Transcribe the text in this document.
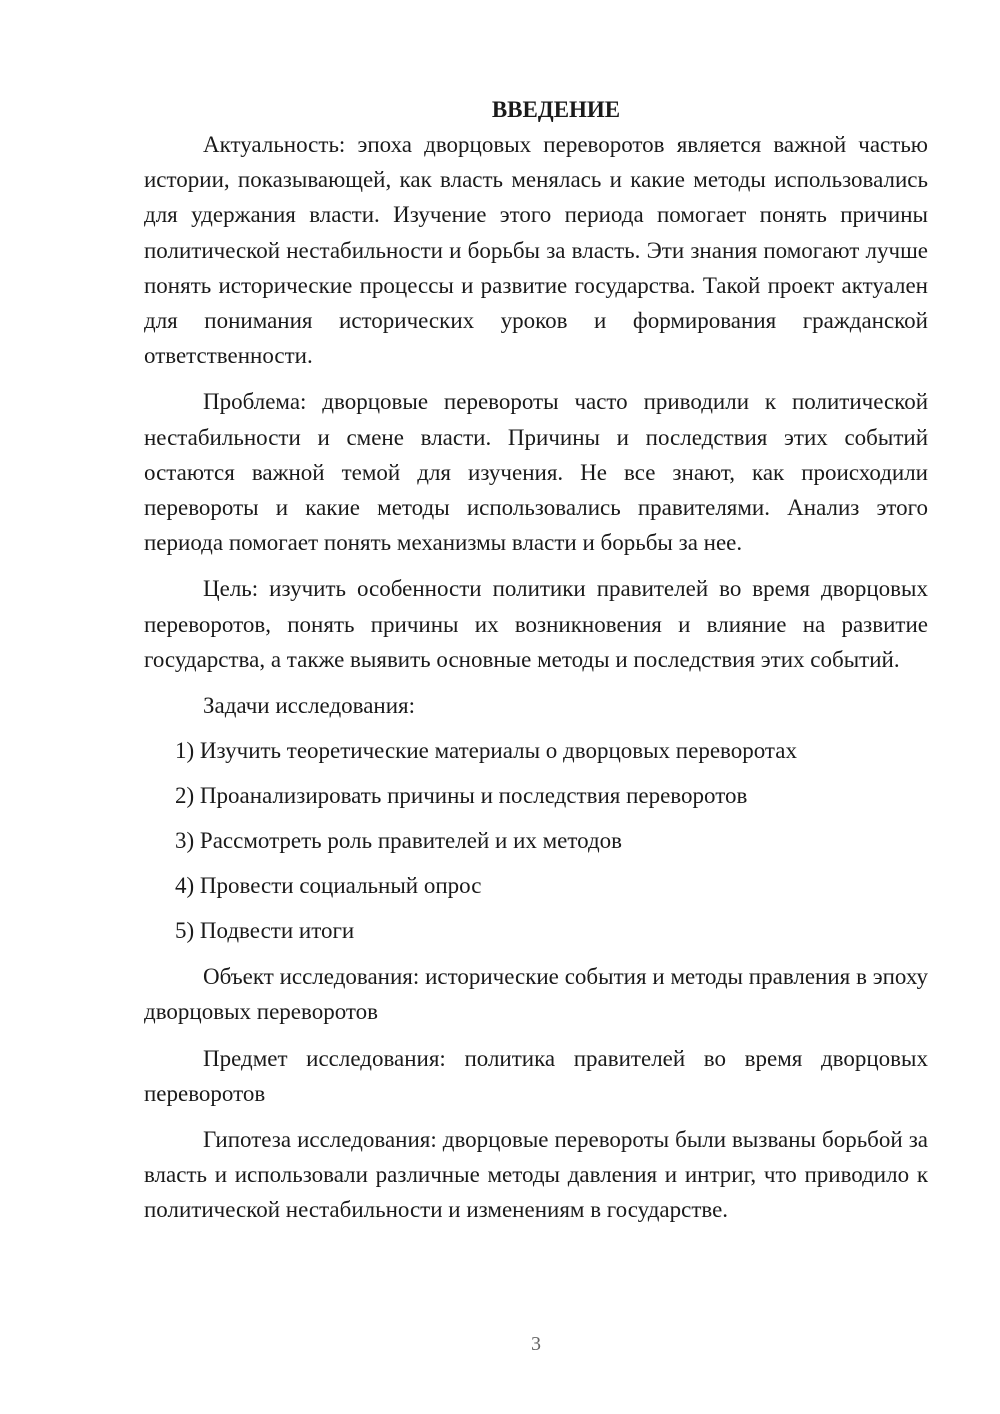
ВВЕДЕНИЕ

Актуальность: эпоха дворцовых переворотов является важной частью истории, показывающей, как власть менялась и какие методы использовались для удержания власти. Изучение этого периода помогает понять причины политической нестабильности и борьбы за власть. Эти знания помогают лучше понять исторические процессы и развитие государства. Такой проект актуален для понимания исторических уроков и формирования гражданской ответственности.

Проблема: дворцовые перевороты часто приводили к политической нестабильности и смене власти. Причины и последствия этих событий остаются важной темой для изучения. Не все знают, как происходили перевороты и какие методы использовались правителями. Анализ этого периода помогает понять механизмы власти и борьбы за нее.

Цель: изучить особенности политики правителей во время дворцовых переворотов, понять причины их возникновения и влияние на развитие государства, а также выявить основные методы и последствия этих событий.

Задачи исследования:

1) Изучить теоретические материалы о дворцовых переворотах
2) Проанализировать причины и последствия переворотов
3) Рассмотреть роль правителей и их методов
4) Провести социальный опрос
5) Подвести итоги

Объект исследования: исторические события и методы правления в эпоху дворцовых переворотов

Предмет исследования: политика правителей во время дворцовых переворотов

Гипотеза исследования: дворцовые перевороты были вызваны борьбой за власть и использовали различные методы давления и интриг, что приводило к политической нестабильности и изменениям в государстве.

3
